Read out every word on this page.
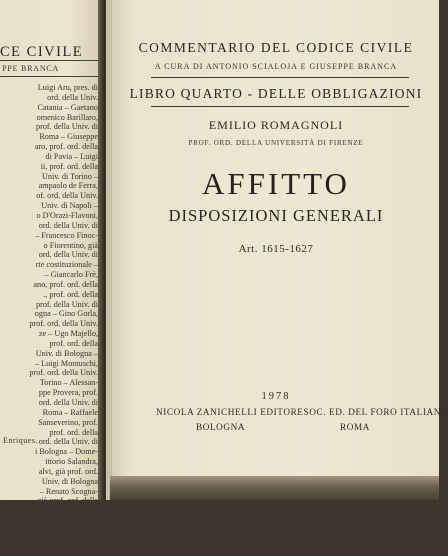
CE CIVILE
PPE BRANCA
Luigi Aru, pres. di
ord. della Univ.
Catania – Gaetano
omenico Barillaro,
prof. della Univ. di
Roma – Giuseppe
aro, prof. ord. della
di Pavia – Luigi
ii, prof. ord. della
Univ. di Torino –
ampaolo de Ferra,
of. ord. della Univ.
Univ. di Napoli –
o D'Orazi-Flavoni,
ord. della Univ. di
– Francesco Finoc-
o Fiorentino, già
ord. della Univ. di
rte costituzionale –
– Giancarlo Frè,
ano, prof. ord. della
., prof. ord. della
prof. della Univ. di
ogna – Gino Gorla,
prof. ord. della Univ.
ze – Ugo Majello,
prof. ord. della
Univ. di Bologna –
– Luigi Montuschi,
prof. ord. della Univ.
Torino – Alessan-
ppe Provera, prof.
ord. della Univ. di
Roma – Raffaele
Sanseverino, prof.
prof. ord. della
ord. della Univ. di
i Bologna – Dome-
ittorio Salandra,
alvi, già prof. ord.
Univ. di Bologna
– Renato Scogna-
già prof. ord. della
prof. ord. della
Univ. di Padova –
Talamanca, prof.
di sez. della Corte
niv. di Napoli.
Enriques.
COMMENTARIO DEL CODICE CIVILE
A CURA DI ANTONIO SCIALOJA E GIUSEPPE BRANCA
LIBRO QUARTO - DELLE OBBLIGAZIONI
EMILIO ROMAGNOLI
PROF. ORD. DELLA UNIVERSITÀ DI FIRENZE
AFFITTO
DISPOSIZIONI GENERALI
Art. 1615-1627
1978
NICOLA ZANICHELLI EDITORE SOC. ED. DEL FORO ITALIANO
BOLOGNA	ROMA
